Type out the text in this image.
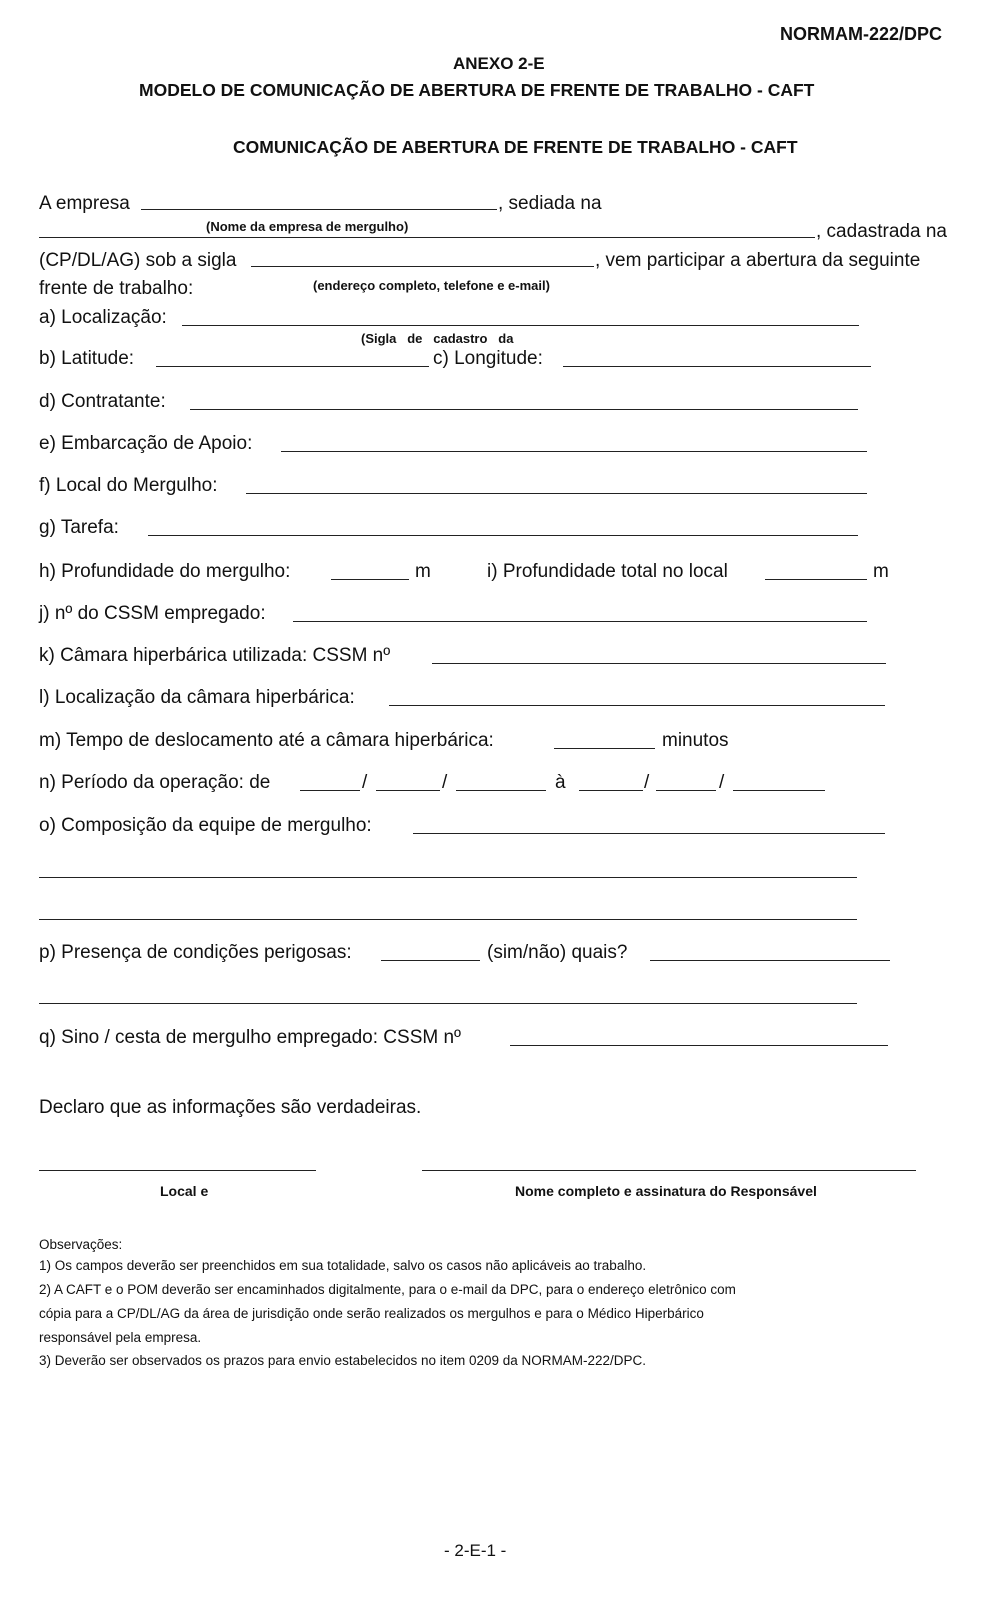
NORMAM-222/DPC
ANEXO 2-E
MODELO DE COMUNICAÇÃO DE ABERTURA DE FRENTE DE TRABALHO - CAFT
COMUNICAÇÃO DE ABERTURA DE FRENTE DE TRABALHO - CAFT
A empresa	, sediada na
(Nome da empresa de mergulho)	, cadastrada na
(CP/DL/AG) sob a sigla	, vem participar a abertura da seguinte
frente de trabalho:	(endereço completo, telefone e e-mail)
a) Localização:
(Sigla   de   cadastro   da
b) Latitude:	c) Longitude:
d) Contratante:
e) Embarcação de Apoio:
f) Local do Mergulho:
g) Tarefa:
h) Profundidade do mergulho:	m	i) Profundidade total no local	m
j) nº do CSSM empregado:
k) Câmara hiperbárica utilizada: CSSM nº
l) Localização da câmara hiperbárica:
m) Tempo de deslocamento até a câmara hiperbárica:	minutos
n) Período da operação: de	/	/	à	/	/
o) Composição da equipe de mergulho:
p) Presença de condições perigosas:	(sim/não) quais?
q) Sino / cesta de mergulho empregado: CSSM nº
Declaro que as informações são verdadeiras.
Local e	Nome completo e assinatura do Responsável
Observações:
1) Os campos deverão ser preenchidos em sua totalidade, salvo os casos não aplicáveis ao trabalho.
2) A CAFT e o POM deverão ser encaminhados digitalmente, para o e-mail da DPC, para o endereço eletrônico com
cópia para a CP/DL/AG da área de jurisdição onde serão realizados os mergulhos e para o Médico Hiperbárico
responsável pela empresa.
3) Deverão ser observados os prazos para envio estabelecidos no item 0209 da NORMAM-222/DPC.
- 2-E-1 -
